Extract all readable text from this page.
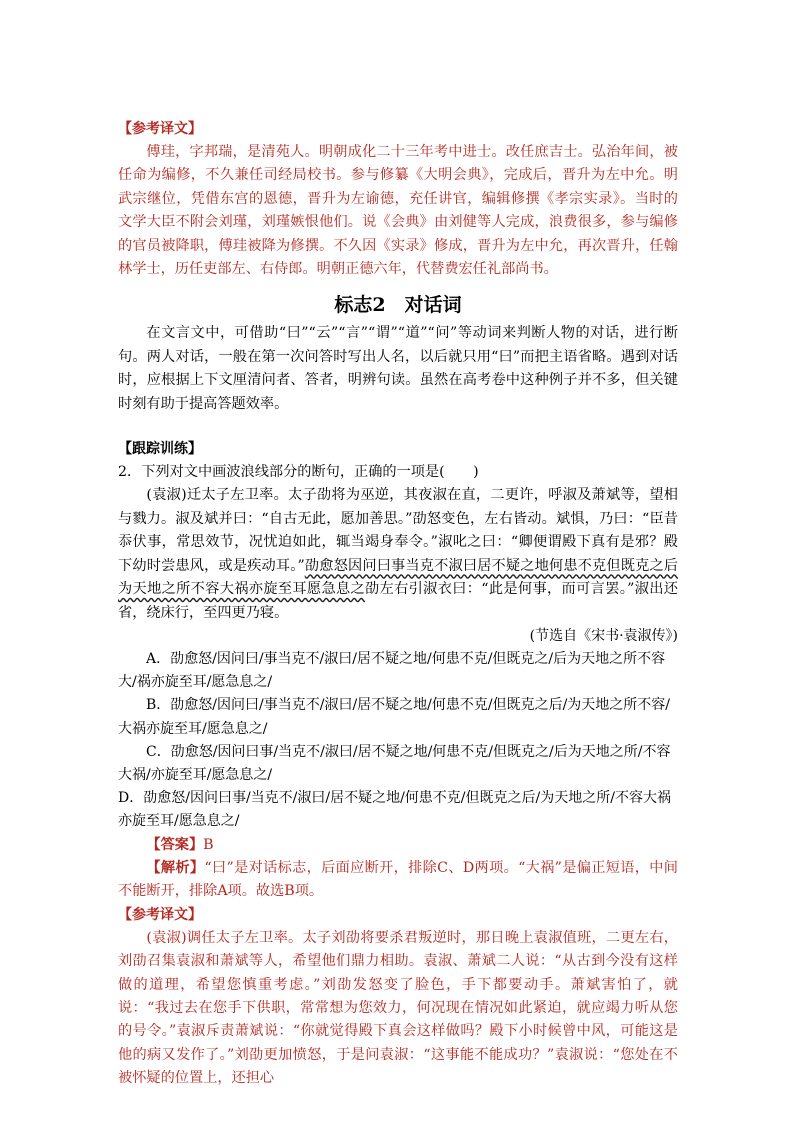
【参考译文】

傅珪，字邦瑞，是清苑人。明朝成化二十三年考中进士。改任庶吉士。弘治年间，被任命为编修，不久兼任司经局校书。参与修纂《大明会典》，完成后，晋升为左中允。明武宗继位，凭借东宫的恩德，晋升为左谕德，充任讲官，编辑修撰《孝宗实录》。当时的文学大臣不附会刘瑾，刘瑾嫉恨他们。说《会典》由刘健等人完成，浪费很多，参与编修的官员被降职，傅珪被降为修撰。不久因《实录》修成，晋升为左中允，再次晋升，任翰林学士，历任吏部左、右侍郎。明朝正德六年，代替费宏任礼部尚书。

标志2　对话词

在文言文中，可借助“曰”“云”“言”“谓”“道”“问”等动词来判断人物的对话，进行断句。两人对话，一般在第一次问答时写出人名，以后就只用“曰”而把主语省略。遇到对话时，应根据上下文厘清问者、答者，明辨句读。虽然在高考卷中这种例子并不多，但关键时刻有助于提高答题效率。

【跟踪训练】

2．下列对文中画波浪线部分的断句，正确的一项是(　　)

(袁淑)迁太子左卫率。太子劭将为巫逆，其夜淑在直，二更许，呼淑及萧斌等，望相与戮力。淑及斌并曰：“自古无此，愿加善思。”劭怒变色，左右皆动。斌惧，乃曰：“臣昔忝伏事，常思效节，况忧迫如此，辄当竭身奉令。”淑叱之曰：“卿便谓殿下真有是邪？殿下幼时尝患风，或是疾动耳。”劭愈怒因问曰事当克不淑曰居不疑之地何患不克但既克之后为天地之所不容大祸亦旋至耳愿急息之劭左右引淑衣曰：“此是何事，而可言罢。”淑出还省，绕床行，至四更乃寝。

(节选自《宋书·袁淑传》)

A．劭愈怒/因问曰/事当克不/淑曰/居不疑之地/何患不克/但既克之/后为天地之所不容大/祸亦旋至耳/愿急息之/

B．劭愈怒/因问曰/事当克不/淑曰/居不疑之地/何患不克/但既克之后/为天地之所不容/大祸亦旋至耳/愿急息之/

C．劭愈怒/因问曰事/当克不/淑曰/居不疑之地/何患不克/但既克之/后为天地之所/不容大祸/亦旋至耳/愿急息之/

D．劭愈怒/因问曰事/当克不/淑曰/居不疑之地/何患不克/但既克之后/为天地之所/不容大祸亦旋至耳/愿急息之/

【答案】B

【解析】“曰”是对话标志，后面应断开，排除C、D两项。“大祸”是偏正短语，中间不能断开，排除A项。故选B项。

【参考译文】

(袁淑)调任太子左卫率。太子刘劭将要杀君叛逆时，那日晚上袁淑值班，二更左右，刘劭召集袁淑和萧斌等人，希望他们鼎力相助。袁淑、萧斌二人说：“从古到今没有这样做的道理，希望您慎重考虑。”刘劭发怒变了脸色，手下都要动手。萧斌害怕了，就说：“我过去在您手下供职，常常想为您效力，何况现在情况如此紧迫，就应竭力听从您的号令。”袁淑斥责萧斌说：“你就觉得殿下真会这样做吗？殿下小时候曾中风，可能这是他的病又发作了。”刘劭更加愤怒，于是问袁淑：“这事能不能成功？”袁淑说：“您处在不被怀疑的位置上，还担心
